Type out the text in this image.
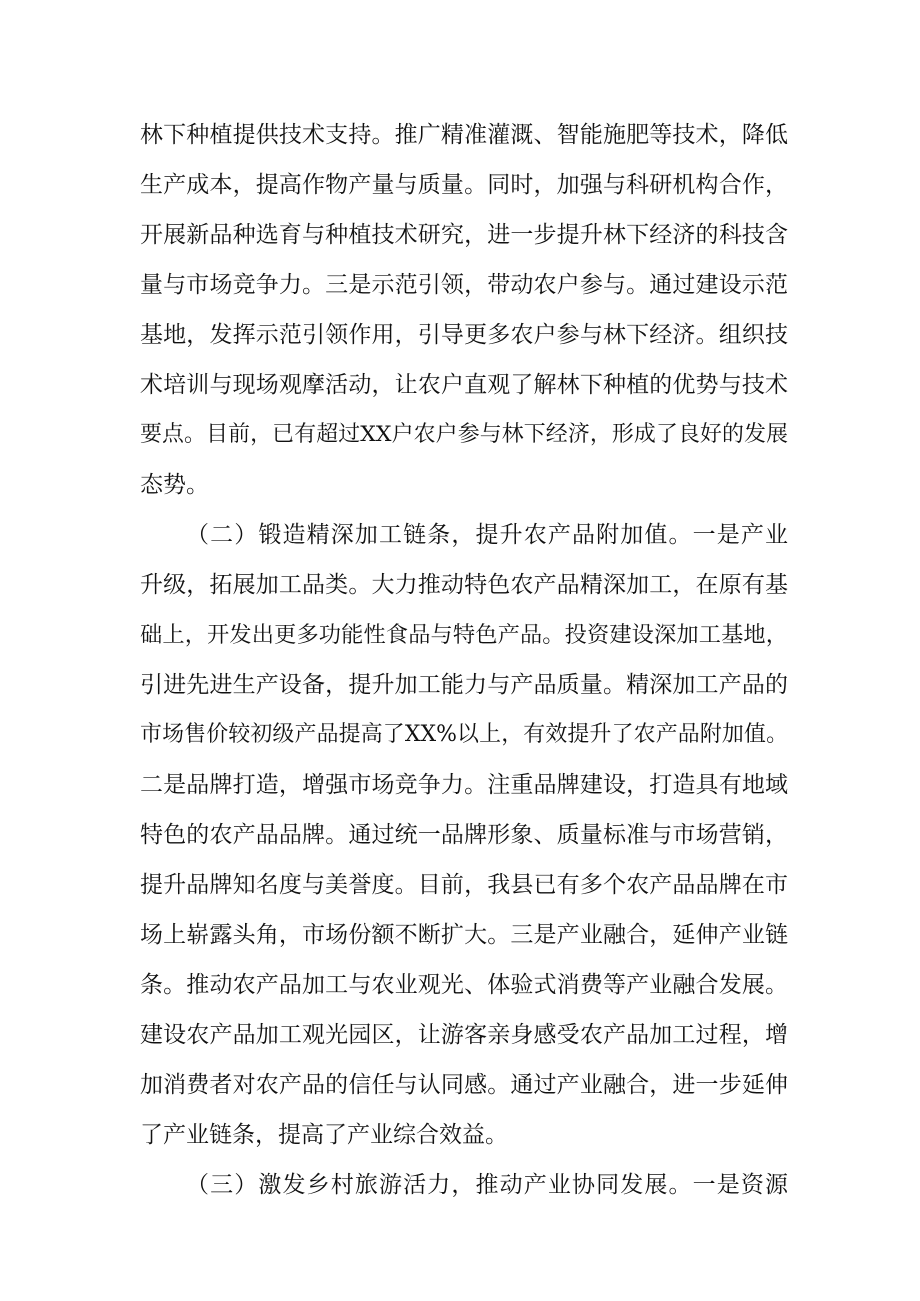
林下种植提供技术支持。推广精准灌溉、智能施肥等技术，降低
生产成本，提高作物产量与质量。同时，加强与科研机构合作，
开展新品种选育与种植技术研究，进一步提升林下经济的科技含
量与市场竞争力。三是示范引领，带动农户参与。通过建设示范
基地，发挥示范引领作用，引导更多农户参与林下经济。组织技
术培训与现场观摩活动，让农户直观了解林下种植的优势与技术
要点。目前，已有超过XX户农户参与林下经济，形成了良好的发展
态势。
（二）锻造精深加工链条，提升农产品附加值。一是产业
升级，拓展加工品类。大力推动特色农产品精深加工，在原有基
础上，开发出更多功能性食品与特色产品。投资建设深加工基地，
引进先进生产设备，提升加工能力与产品质量。精深加工产品的
市场售价较初级产品提高了XX%以上，有效提升了农产品附加值。
二是品牌打造，增强市场竞争力。注重品牌建设，打造具有地域
特色的农产品品牌。通过统一品牌形象、质量标准与市场营销，
提升品牌知名度与美誉度。目前，我县已有多个农产品品牌在市
场上崭露头角，市场份额不断扩大。三是产业融合，延伸产业链
条。推动农产品加工与农业观光、体验式消费等产业融合发展。
建设农产品加工观光园区，让游客亲身感受农产品加工过程，增
加消费者对农产品的信任与认同感。通过产业融合，进一步延伸
了产业链条，提高了产业综合效益。
（三）激发乡村旅游活力，推动产业协同发展。一是资源
